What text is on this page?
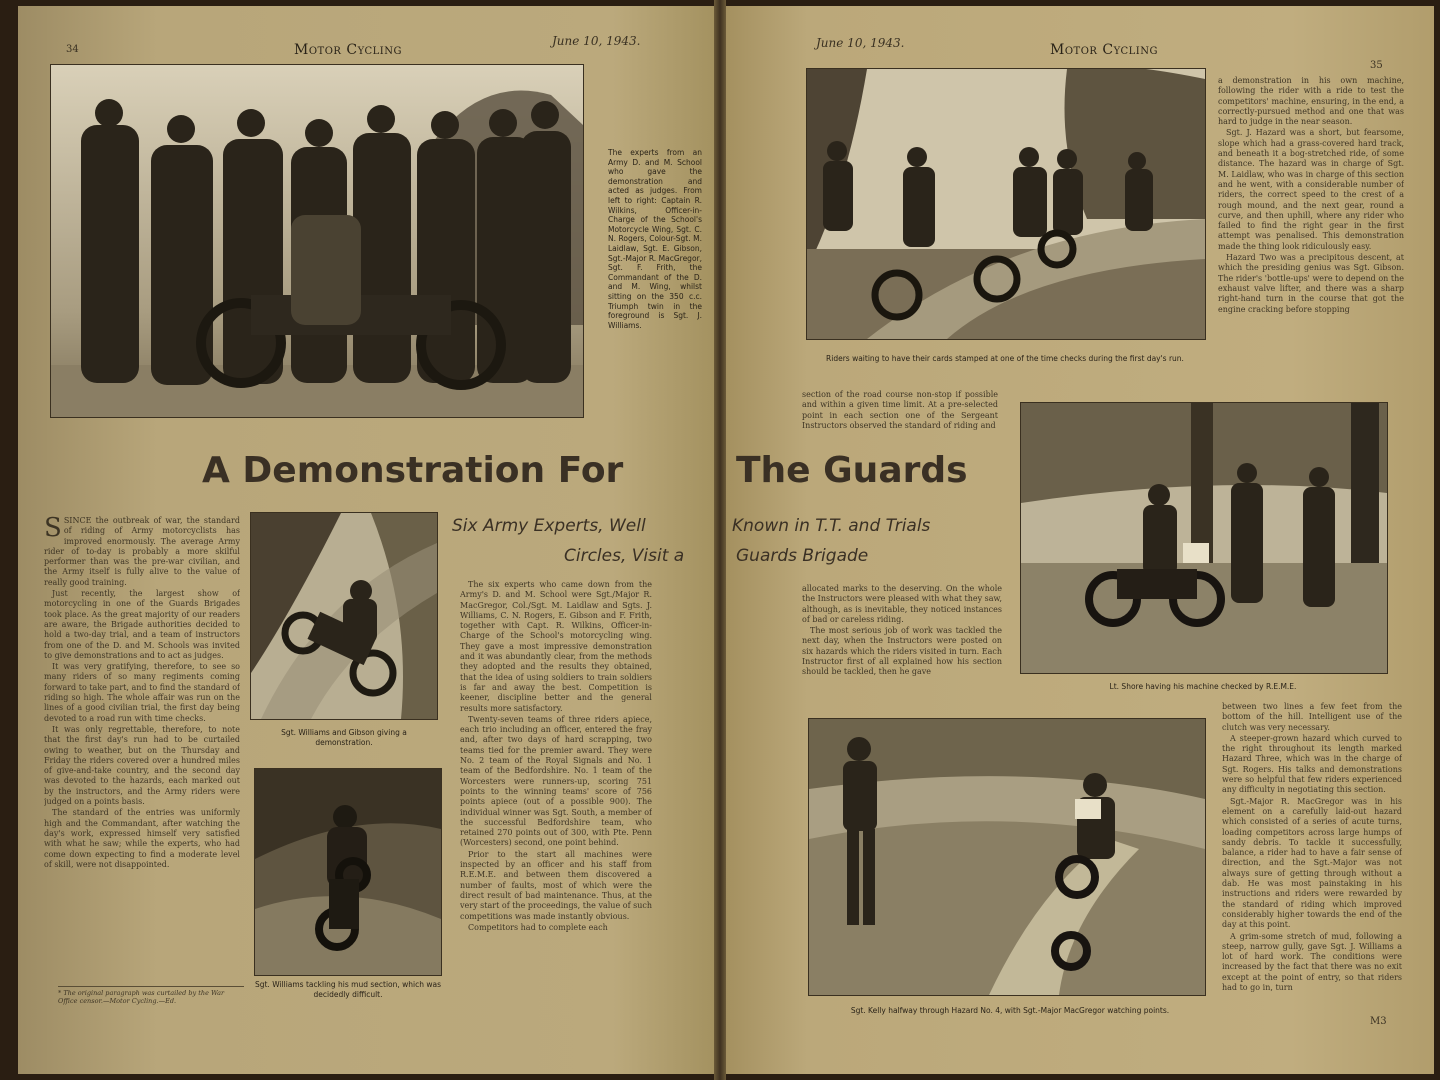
34	Motor Cycling
June 10, 1943.
The experts from an Army D. and M. School who gave the demonstration and acted as judges. From left to right: Captain R. Wilkins, Officer-in-Charge of the School's Motorcycle Wing, Sgt. C. N. Rogers, Colour-Sgt. M. Laidlaw, Sgt. E. Gibson, Sgt.-Major R. MacGregor, Sgt. F. Frith, the Commandant of the D. and M. Wing, whilst sitting on the 350 c.c. Triumph twin in the foreground is Sgt. J. Williams.
A Demonstration For
Six Army Experts, Well
Circles, Visit a

SSINCE the outbreak of war, the standard of riding of Army motorcyclists has improved enormously. The average Army rider of to-day is probably a more skilful performer than was the pre-war civilian, and the Army itself is fully alive to the value of really good training.

Just recently, the largest show of motorcycling in one of the Guards Brigades took place. As the great majority of our readers are aware, the Brigade authorities decided to hold a two-day trial, and a team of instructors from one of the D. and M. Schools was invited to give demonstrations and to act as judges.

It was very gratifying, therefore, to see so many riders of so many regiments coming forward to take part, and to find the standard of riding so high. The whole affair was run on the lines of a good civilian trial, the first day being devoted to a road run with time checks.

It was only regrettable, therefore, to note that the first day's run had to be curtailed owing to weather, but on the Thursday and Friday the riders covered over a hundred miles of give-and-take country, and the second day was devoted to the hazards, each marked out by the instructors, and the Army riders were judged on a points basis.

The standard of the entries was uniformly high and the Commandant, after watching the day's work, expressed himself very satisfied with what he saw; while the experts, who had come down expecting to find a moderate level of skill, were not disappointed.

* The original paragraph was curtailed by the War Office censor.—Motor Cycling.—Ed.
Sgt. Williams and Gibson giving a demonstration.
Sgt. Williams tackling his mud section, which was decidedly difficult.

The six experts who came down from the Army's D. and M. School were Sgt./Major R. MacGregor, Col./Sgt. M. Laidlaw and Sgts. J. Williams, C. N. Rogers, E. Gibson and F. Frith, together with Capt. R. Wilkins, Officer-in-Charge of the School's motorcycling wing. They gave a most impressive demonstration and it was abundantly clear, from the methods they adopted and the results they obtained, that the idea of using soldiers to train soldiers is far and away the best. Competition is keener, discipline better and the general results more satisfactory.

Twenty-seven teams of three riders apiece, each trio including an officer, entered the fray and, after two days of hard scrapping, two teams tied for the premier award. They were No. 2 team of the Royal Signals and No. 1 team of the Bedfordshire. No. 1 team of the Worcesters were runners-up, scoring 751 points to the winning teams' score of 756 points apiece (out of a possible 900). The individual winner was Sgt. South, a member of the successful Bedfordshire team, who retained 270 points out of 300, with Pte. Penn (Worcesters) second, one point behind.

Prior to the start all machines were inspected by an officer and his staff from R.E.M.E. and between them discovered a number of faults, most of which were the direct result of bad maintenance. Thus, at the very start of the proceedings, the value of such competitions was made instantly obvious.

Competitors had to complete each

June 10, 1943.	Motor Cycling
35
Riders waiting to have their cards stamped at one of the time checks during the first day's run.

a demonstration in his own machine, following the rider with a ride to test the competitors' machine, ensuring, in the end, a correctly-pursued method and one that was hard to judge in the near season.

Sgt. J. Hazard was a short, but fearsome, slope which had a grass-covered hard track, and beneath it a bog-stretched ride, of some distance. The hazard was in charge of Sgt. M. Laidlaw, who was in charge of this section and he went, with a considerable number of riders, the correct speed to the crest of a rough mound, and the next gear, round a curve, and then uphill, where any rider who failed to find the right gear in the first attempt was penalised. This demonstration made the thing look ridiculously easy.

Hazard Two was a precipitous descent, at which the presiding genius was Sgt. Gibson. The rider's 'bottle-ups' were to depend on the exhaust valve lifter, and there was a sharp right-hand turn in the course that got the engine cracking before stopping

section of the road course non-stop if possible and within a given time limit. At a pre-selected point in each section one of the Sergeant Instructors observed the standard of riding and

The Guards
Known in T.T. and Trials
Guards Brigade
Lt. Shore having his machine checked by R.E.M.E.

allocated marks to the deserving. On the whole the Instructors were pleased with what they saw, although, as is inevitable, they noticed instances of bad or careless riding.

The most serious job of work was tackled the next day, when the Instructors were posted on six hazards which the riders visited in turn. Each Instructor first of all explained how his section should be tackled, then he gave

Sgt. Kelly halfway through Hazard No. 4, with Sgt.-Major MacGregor watching points.

between two lines a few feet from the bottom of the hill. Intelligent use of the clutch was very necessary.

A steeper-grown hazard which curved to the right throughout its length marked Hazard Three, which was in the charge of Sgt. Rogers. His talks and demonstrations were so helpful that few riders experienced any difficulty in negotiating this section.

Sgt.-Major R. MacGregor was in his element on a carefully laid-out hazard which consisted of a series of acute turns, loading competitors across large humps of sandy debris. To tackle it successfully, balance, a rider had to have a fair sense of direction, and the Sgt.-Major was not always sure of getting through without a dab. He was most painstaking in his instructions and riders were rewarded by the standard of riding which improved considerably higher towards the end of the day at this point.

A grim-some stretch of mud, following a steep, narrow gully, gave Sgt. J. Williams a lot of hard work. The conditions were increased by the fact that there was no exit except at the point of entry, so that riders had to go in, turn

M3
